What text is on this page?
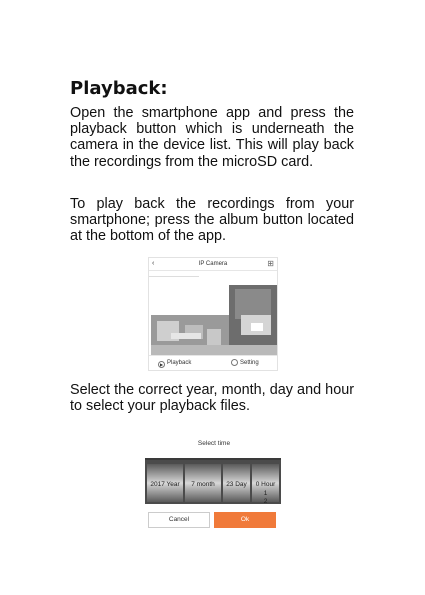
Playback:
Open the smartphone app and press the playback button which is underneath the camera in the device list. This will play back the recordings from the microSD card.
To play back the recordings from your smartphone; press the album button located at the bottom of the app.
‹	IP Camera	⊞
▶ Playback	Setting
Select the correct year, month, day and hour to select your playback files.
Select time
2017 Year	7 month	23 Day	0 Hour
1
2
Cancel	Ok
